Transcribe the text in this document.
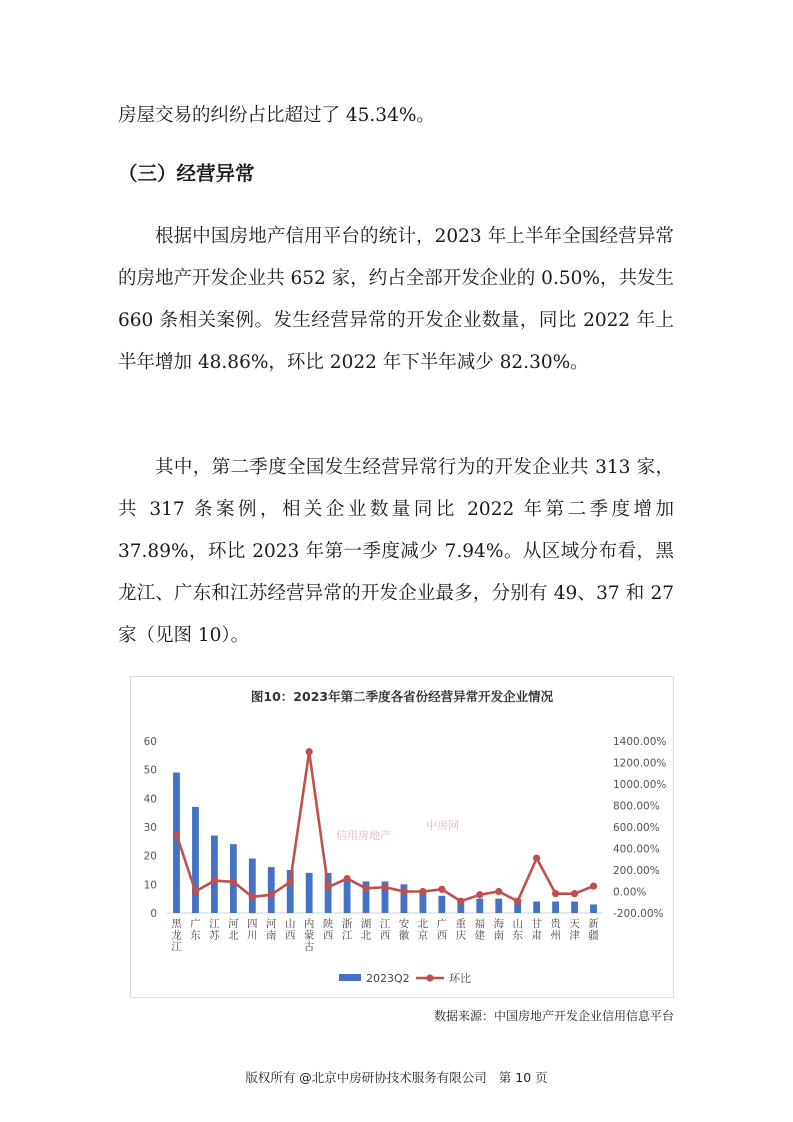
房屋交易的纠纷占比超过了 45.34%。

（三）经营异常

根据中国房地产信用平台的统计，2023 年上半年全国经营异常的房地产开发企业共 652 家，约占全部开发企业的 0.50%，共发生 660 条相关案例。发生经营异常的开发企业数量，同比 2022 年上半年增加 48.86%，环比 2022 年下半年减少 82.30%。

其中，第二季度全国发生经营异常行为的开发企业共 313 家，共 317 条案例，相关企业数量同比 2022 年第二季度增加 37.89%，环比 2023 年第一季度减少 7.94%。从区域分布看，黑龙江、广东和江苏经营异常的开发企业最多，分别有 49、37 和 27 家（见图 10）。

图10：2023年第二季度各省份经营异常开发企业情况
信用房地产
中房网
0
10
20
30
40
50
60
-200.00%
0.00%
200.00%
400.00%
600.00%
800.00%
1000.00%
1200.00%
1400.00%
黑龙江
广东
江苏
河北
四川
河南
山西
内蒙古
陕西
浙江
湖北
江西
安徽
北京
广西
重庆
福建
海南
山东
甘肃
贵州
天津
新疆
2023Q2	环比
数据来源：中国房地产开发企业信用信息平台
版权所有 @北京中房研协技术服务有限公司 第 10 页
